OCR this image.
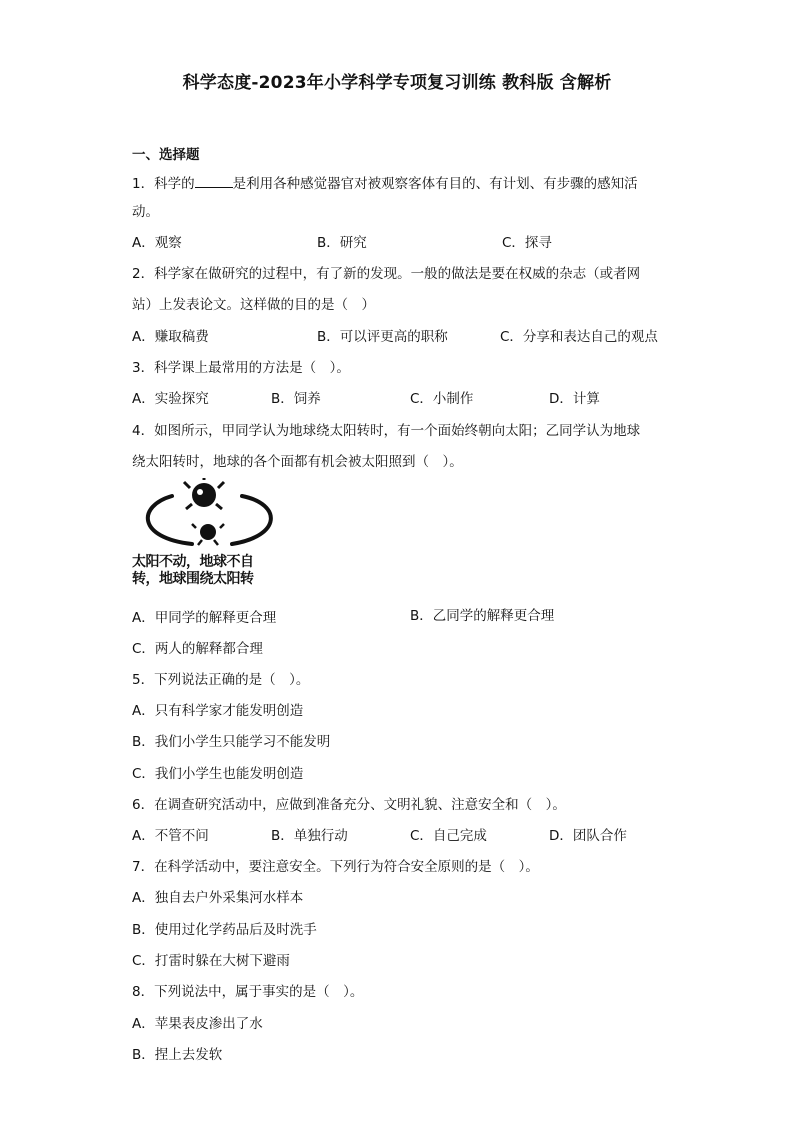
科学态度-2023年小学科学专项复习训练 教科版 含解析
一、选择题
1．科学的	是利用各种感觉器官对被观察客体有目的、有计划、有步骤的感知活
动。
A．观察	B．研究	C．探寻
2．科学家在做研究的过程中，有了新的发现。一般的做法是要在权威的杂志（或者网
站）上发表论文。这样做的目的是（　）
A．赚取稿费	B．可以评更高的职称	C．分享和表达自己的观点
3．科学课上最常用的方法是（　）。
A．实验探究	B．饲养	C．小制作	D．计算
4．如图所示，甲同学认为地球绕太阳转时，有一个面始终朝向太阳；乙同学认为地球
绕太阳转时，地球的各个面都有机会被太阳照到（　）。
太阳不动，地球不自
转，地球围绕太阳转
A．甲同学的解释更合理	B．乙同学的解释更合理
C．两人的解释都合理
5．下列说法正确的是（　）。
A．只有科学家才能发明创造
B．我们小学生只能学习不能发明
C．我们小学生也能发明创造
6．在调查研究活动中，应做到准备充分、文明礼貌、注意安全和（　）。
A．不管不问	B．单独行动	C．自己完成	D．团队合作
7．在科学活动中，要注意安全。下列行为符合安全原则的是（　）。
A．独自去户外采集河水样本
B．使用过化学药品后及时洗手
C．打雷时躲在大树下避雨
8．下列说法中，属于事实的是（　）。
A．苹果表皮渗出了水
B．捏上去发软
